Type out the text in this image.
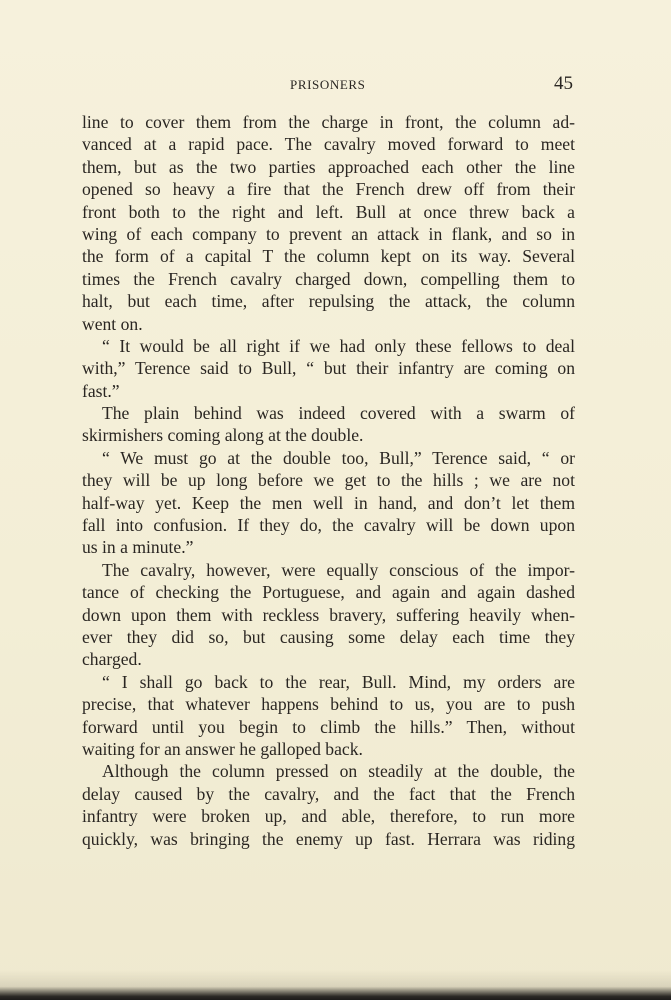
PRISONERS	45
line to cover them from the charge in front, the column ad-
vanced at a rapid pace. The cavalry moved forward to meet
them, but as the two parties approached each other the line
opened so heavy a fire that the French drew off from their
front both to the right and left. Bull at once threw back a
wing of each company to prevent an attack in flank, and so in
the form of a capital T the column kept on its way. Several
times the French cavalry charged down, compelling them to
halt, but each time, after repulsing the attack, the column
went on.
“ It would be all right if we had only these fellows to deal
with,” Terence said to Bull, “ but their infantry are coming on
fast.”
The plain behind was indeed covered with a swarm of
skirmishers coming along at the double.
“ We must go at the double too, Bull,” Terence said, “ or
they will be up long before we get to the hills ; we are not
half-way yet. Keep the men well in hand, and don’t let them
fall into confusion. If they do, the cavalry will be down upon
us in a minute.”
The cavalry, however, were equally conscious of the impor-
tance of checking the Portuguese, and again and again dashed
down upon them with reckless bravery, suffering heavily when-
ever they did so, but causing some delay each time they
charged.
“ I shall go back to the rear, Bull. Mind, my orders are
precise, that whatever happens behind to us, you are to push
forward until you begin to climb the hills.” Then, without
waiting for an answer he galloped back.
Although the column pressed on steadily at the double, the
delay caused by the cavalry, and the fact that the French
infantry were broken up, and able, therefore, to run more
quickly, was bringing the enemy up fast. Herrara was riding
